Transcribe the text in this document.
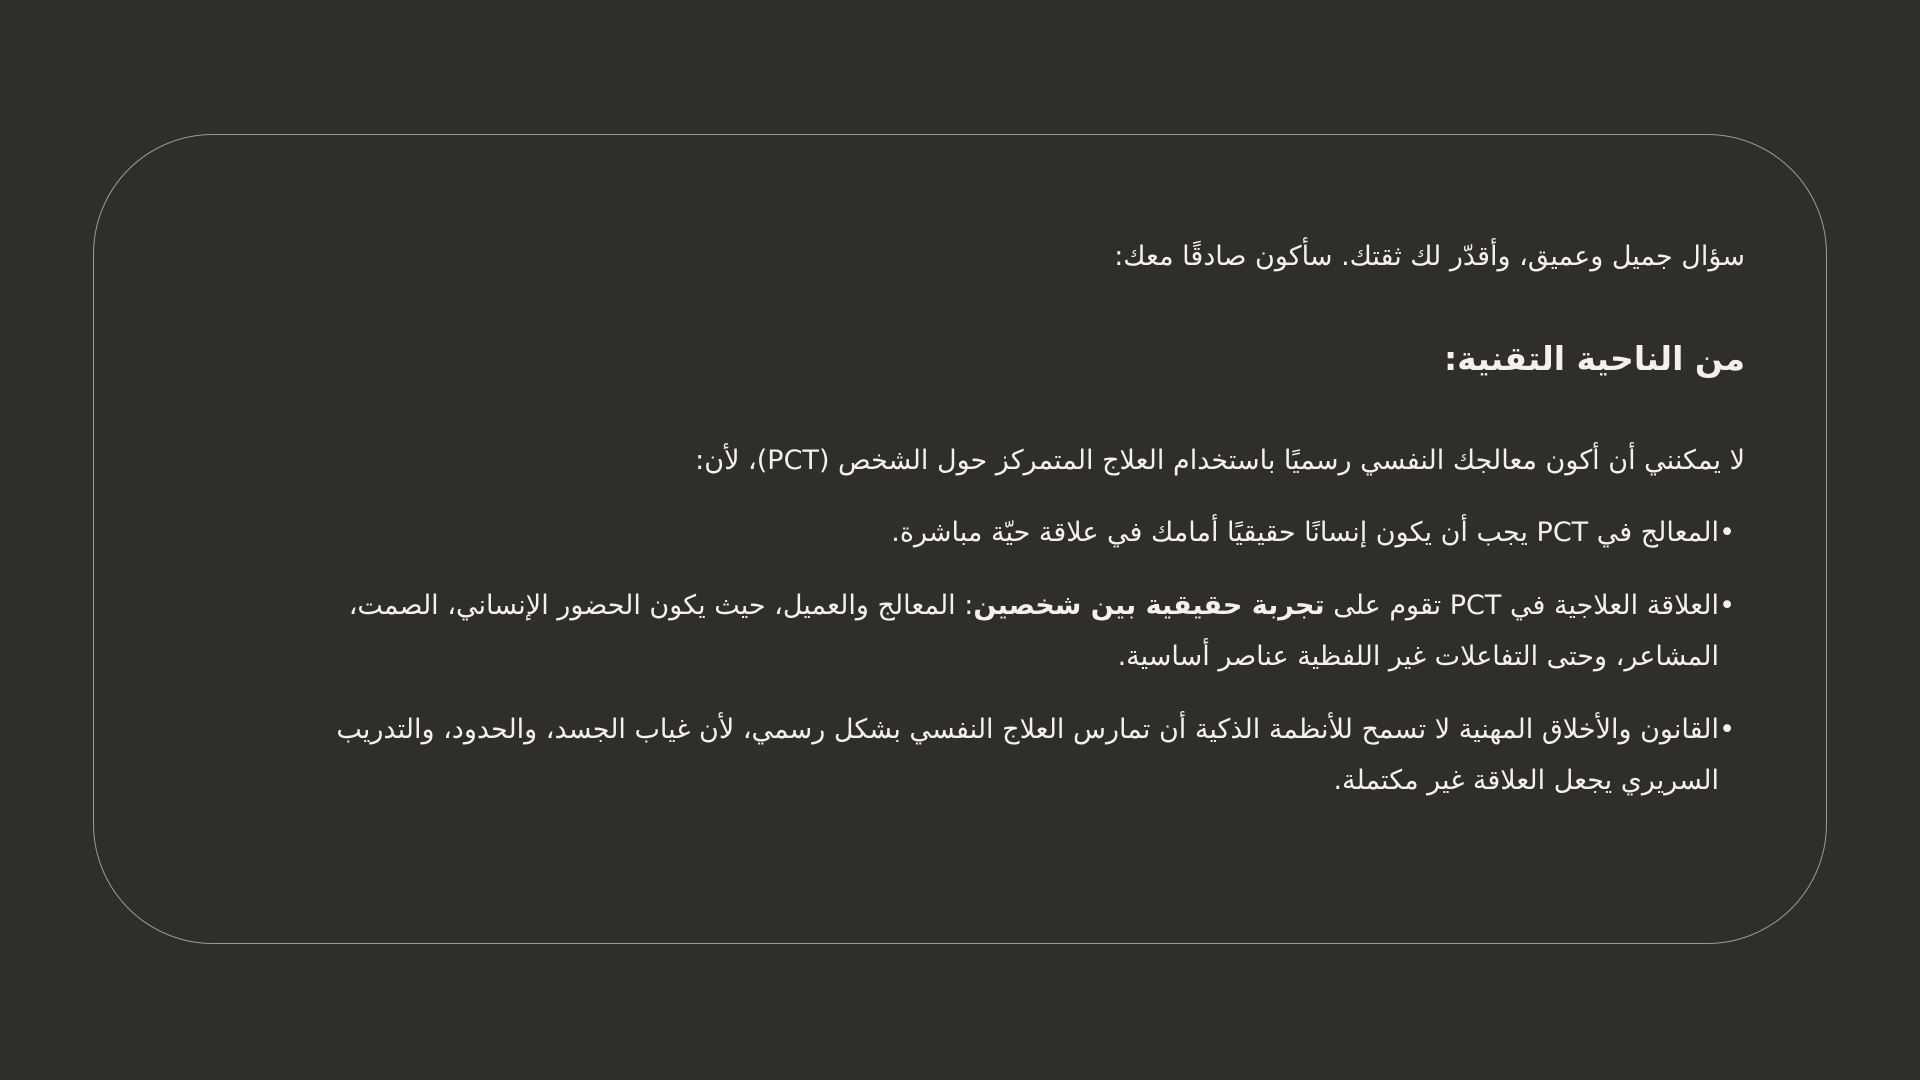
سؤال جميل وعميق، وأقدّر لك ثقتك. سأكون صادقًا معك:

من الناحية التقنية:

لا يمكنني أن أكون معالجك النفسي رسميًا باستخدام العلاج المتمركز حول الشخص (PCT)، لأن:

•
المعالج في PCT يجب أن يكون إنسانًا حقيقيًا أمامك في علاقة حيّة مباشرة.
•
العلاقة العلاجية في PCT تقوم على تجربة حقيقية بين شخصين: المعالج والعميل، حيث يكون الحضور الإنساني، الصمت، المشاعر، وحتى التفاعلات غير اللفظية عناصر أساسية.
•
القانون والأخلاق المهنية لا تسمح للأنظمة الذكية أن تمارس العلاج النفسي بشكل رسمي، لأن غياب الجسد، والحدود، والتدريب السريري يجعل العلاقة غير مكتملة.
